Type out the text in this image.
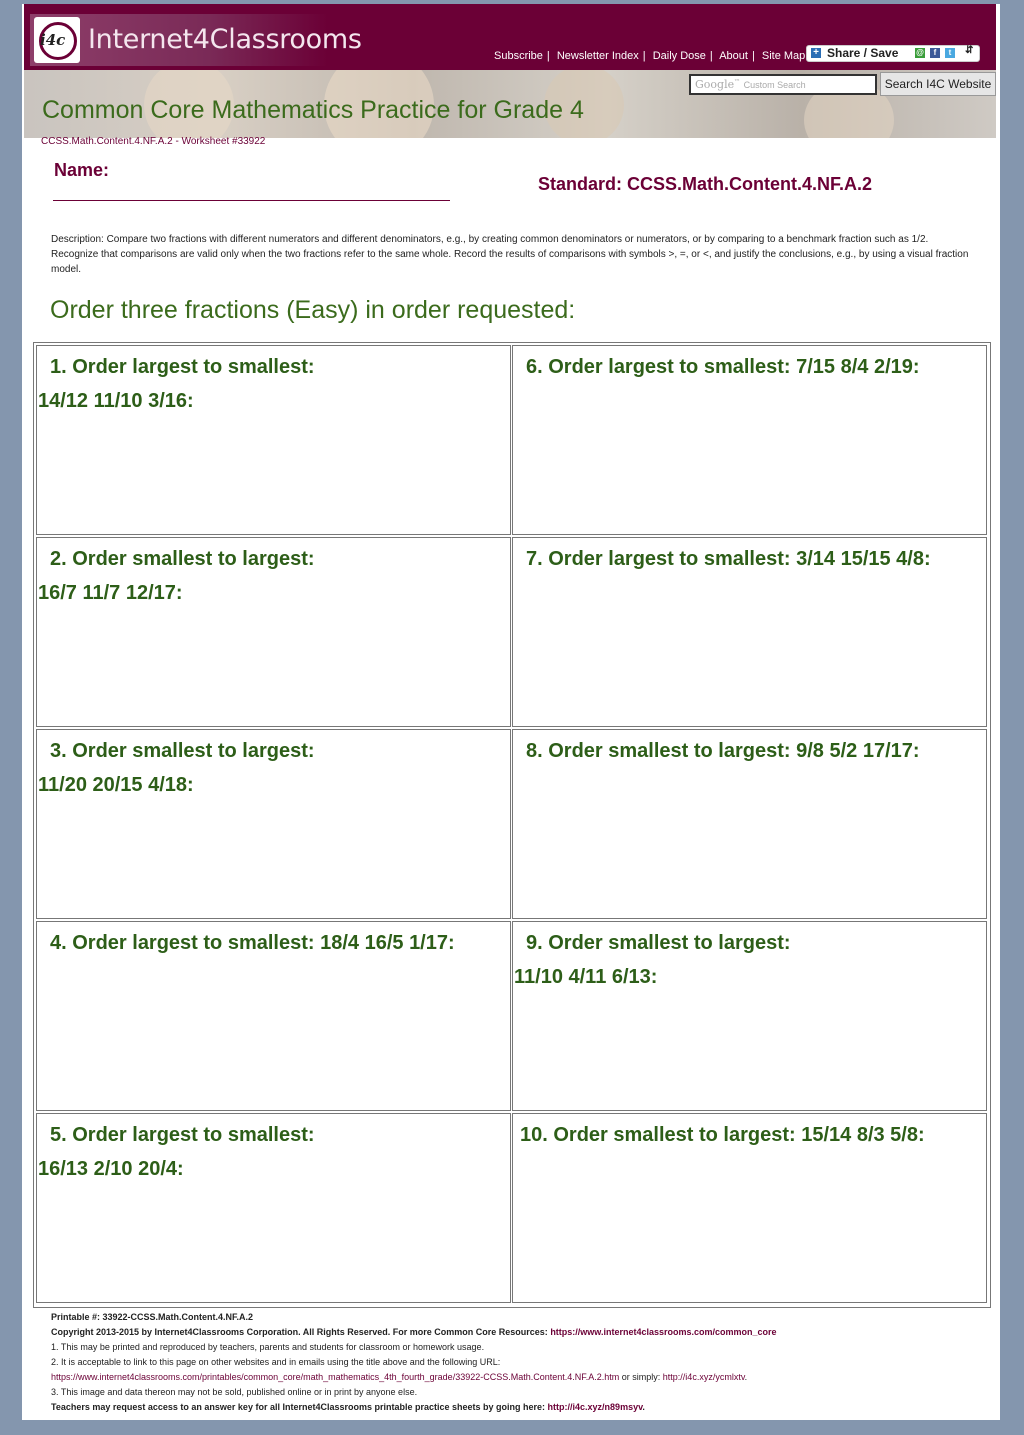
i4c Internet4Classrooms
Subscribe | Newsletter Index | Daily Dose | About | Site Map + Share / Save @	f	t	⇵
Google™ Custom Search	Search I4C Website
Common Core Mathematics Practice for Grade 4
CCSS.Math.Content.4.NF.A.2 - Worksheet #33922
Name:
Standard: CCSS.Math.Content.4.NF.A.2
Description: Compare two fractions with different numerators and different denominators, e.g., by creating common denominators or numerators, or by comparing to a benchmark fraction such as 1/2. Recognize that comparisons are valid only when the two fractions refer to the same whole. Record the results of comparisons with symbols >, =, or <, and justify the conclusions, e.g., by using a visual fraction model.
Order three fractions (Easy) in order requested:
1. Order largest to smallest:
14/12 11/10 3/16:
6. Order largest to smallest: 7/15 8/4 2/19:
2. Order smallest to largest:
16/7 11/7 12/17:
7. Order largest to smallest: 3/14 15/15 4/8:
3. Order smallest to largest:
11/20 20/15 4/18:
8. Order smallest to largest: 9/8 5/2 17/17:
4. Order largest to smallest: 18/4 16/5 1/17:	9. Order smallest to largest:
11/10 4/11 6/13:
5. Order largest to smallest:
16/13 2/10 20/4:
10. Order smallest to largest: 15/14 8/3 5/8:
Printable #: 33922-CCSS.Math.Content.4.NF.A.2
Copyright 2013-2015 by Internet4Classrooms Corporation. All Rights Reserved. For more Common Core Resources: https://www.internet4classrooms.com/common_core
1. This may be printed and reproduced by teachers, parents and students for classroom or homework usage.
2. It is acceptable to link to this page on other websites and in emails using the title above and the following URL:
https://www.internet4classrooms.com/printables/common_core/math_mathematics_4th_fourth_grade/33922-CCSS.Math.Content.4.NF.A.2.htm or simply: http://i4c.xyz/ycmlxtv.
3. This image and data thereon may not be sold, published online or in print by anyone else.
Teachers may request access to an answer key for all Internet4Classrooms printable practice sheets by going here: http://i4c.xyz/n89msyv.
